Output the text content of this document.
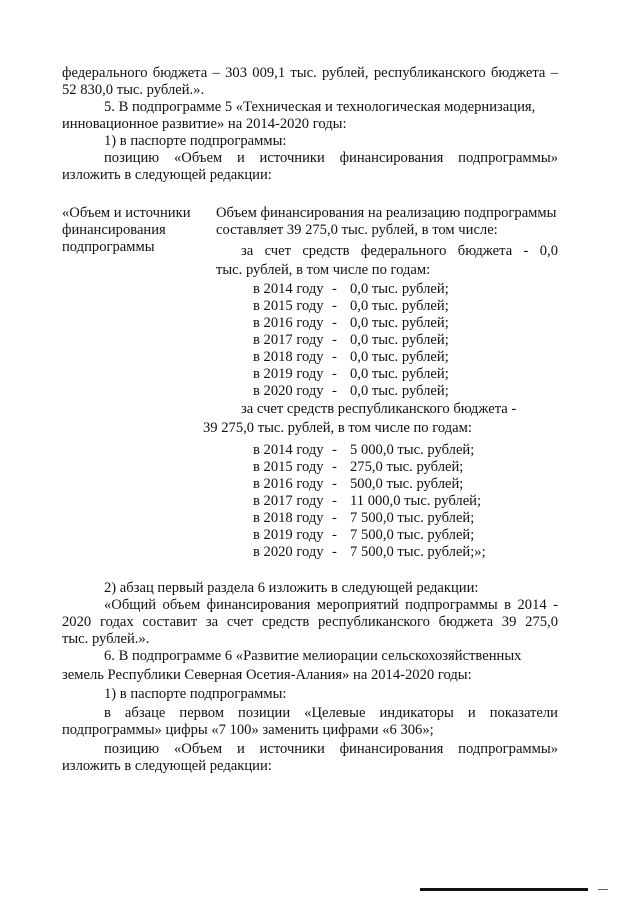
федерального бюджета – 303 009,1 тыс. рублей, республиканского бюджета –
52 830,0 тыс. рублей.».
5. В подпрограмме 5 «Техническая и технологическая модернизация,
инновационное развитие» на 2014-2020 годы:
1) в паспорте подпрограммы:
позицию «Объем и источники финансирования подпрограммы»
изложить в следующей редакции:
«Объем и источники
финансирования
подпрограммы
Объем финансирования на реализацию подпрограммы
составляет 39 275,0 тыс. рублей, в том числе:
за счет средств федерального бюджета - 0,0
тыс. рублей, в том числе по годам:
в 2014 году - 0,0 тыс. рублей;
в 2015 году - 0,0 тыс. рублей;
в 2016 году - 0,0 тыс. рублей;
в 2017 году - 0,0 тыс. рублей;
в 2018 году - 0,0 тыс. рублей;
в 2019 году - 0,0 тыс. рублей;
в 2020 году - 0,0 тыс. рублей;
за счет средств республиканского бюджета -
39 275,0 тыс. рублей, в том числе по годам:
в 2014 году - 5 000,0 тыс. рублей;
в 2015 году - 275,0 тыс. рублей;
в 2016 году - 500,0 тыс. рублей;
в 2017 году - 11 000,0 тыс. рублей;
в 2018 году - 7 500,0 тыс. рублей;
в 2019 году - 7 500,0 тыс. рублей;
в 2020 году - 7 500,0 тыс. рублей;»;
2) абзац первый раздела 6 изложить в следующей редакции:
«Общий объем финансирования мероприятий подпрограммы в 2014 -
2020 годах составит за счет средств республиканского бюджета 39 275,0
тыс. рублей.».
6. В подпрограмме 6 «Развитие мелиорации сельскохозяйственных
земель Республики Северная Осетия-Алания» на 2014-2020 годы:
1) в паспорте подпрограммы:
в абзаце первом позиции «Целевые индикаторы и показатели
подпрограммы» цифры «7 100» заменить цифрами «6 306»;
позицию «Объем и источники финансирования подпрограммы»
изложить в следующей редакции:
